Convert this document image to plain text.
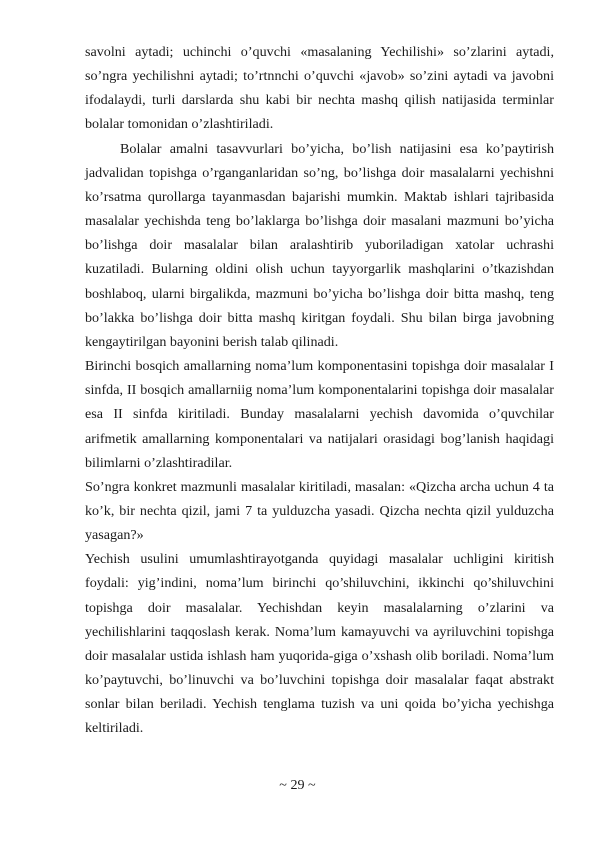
savolni aytadi; uchinchi o’quvchi «masalaning Yechilishi» so’zlarini aytadi, so’ngra yechilishni aytadi; to’rtnnchi o’quvchi «javob» so’zini aytadi va javobni ifodalaydi, turli darslarda shu kabi bir nechta mashq qilish natijasida terminlar bolalar tomonidan o’zlashtiriladi.

Bolalar amalni tasavvurlari bo’yicha, bo’lish natijasini esa ko’paytirish jadvalidan topishga o’rganganlaridan so’ng, bo’lishga doir masalalarni yechishni ko’rsatma qurollarga tayanmasdan bajarishi mumkin. Maktab ishlari tajribasida masalalar yechishda teng bo’laklarga bo’lishga doir masalani mazmuni bo’yicha bo’lishga doir masalalar bilan aralashtirib yuboriladigan xatolar uchrashi kuzatiladi. Bularning oldini olish uchun tayyorgarlik mashqlarini o’tkazishdan boshlaboq, ularni birgalikda, mazmuni bo’yicha bo’lishga doir bitta mashq, teng bo’lakka bo’lishga doir bitta mashq kiritgan foydali. Shu bilan birga javobning kengaytirilgan bayonini berish talab qilinadi.

Birinchi bosqich amallarning noma’lum komponentasini topishga doir masalalar I sinfda, II bosqich amallarniig noma’lum komponentalarini topishga doir masalalar esa II sinfda kiritiladi. Bunday masalalarni yechish davomida o’quvchilar arifmetik amallarning komponentalari va natijalari orasidagi bog’lanish haqidagi bilimlarni o’zlashtiradilar.

So’ngra konkret mazmunli masalalar kiritiladi, masalan: «Qizcha archa uchun 4 ta ko’k, bir nechta qizil, jami 7 ta yulduzcha yasadi. Qizcha nechta qizil yulduzcha yasagan?»

Yechish usulini umumlashtirayotganda quyidagi masalalar uchligini kiritish foydali: yig’indini, noma’lum birinchi qo’shiluvchini, ikkinchi qo’shiluvchini topishga doir masalalar. Yechishdan keyin masalalarning o’zlarini va yechilishlarini taqqoslash kerak. Noma’lum kamayuvchi va ayriluvchini topishga doir masalalar ustida ishlash ham yuqorida-giga o’xshash olib boriladi. Noma’lum ko’paytuvchi, bo’linuvchi va bo’luvchini topishga doir masalalar faqat abstrakt sonlar bilan beriladi. Yechish tenglama tuzish va uni qoida bo’yicha yechishga keltiriladi.

~ 29 ~
